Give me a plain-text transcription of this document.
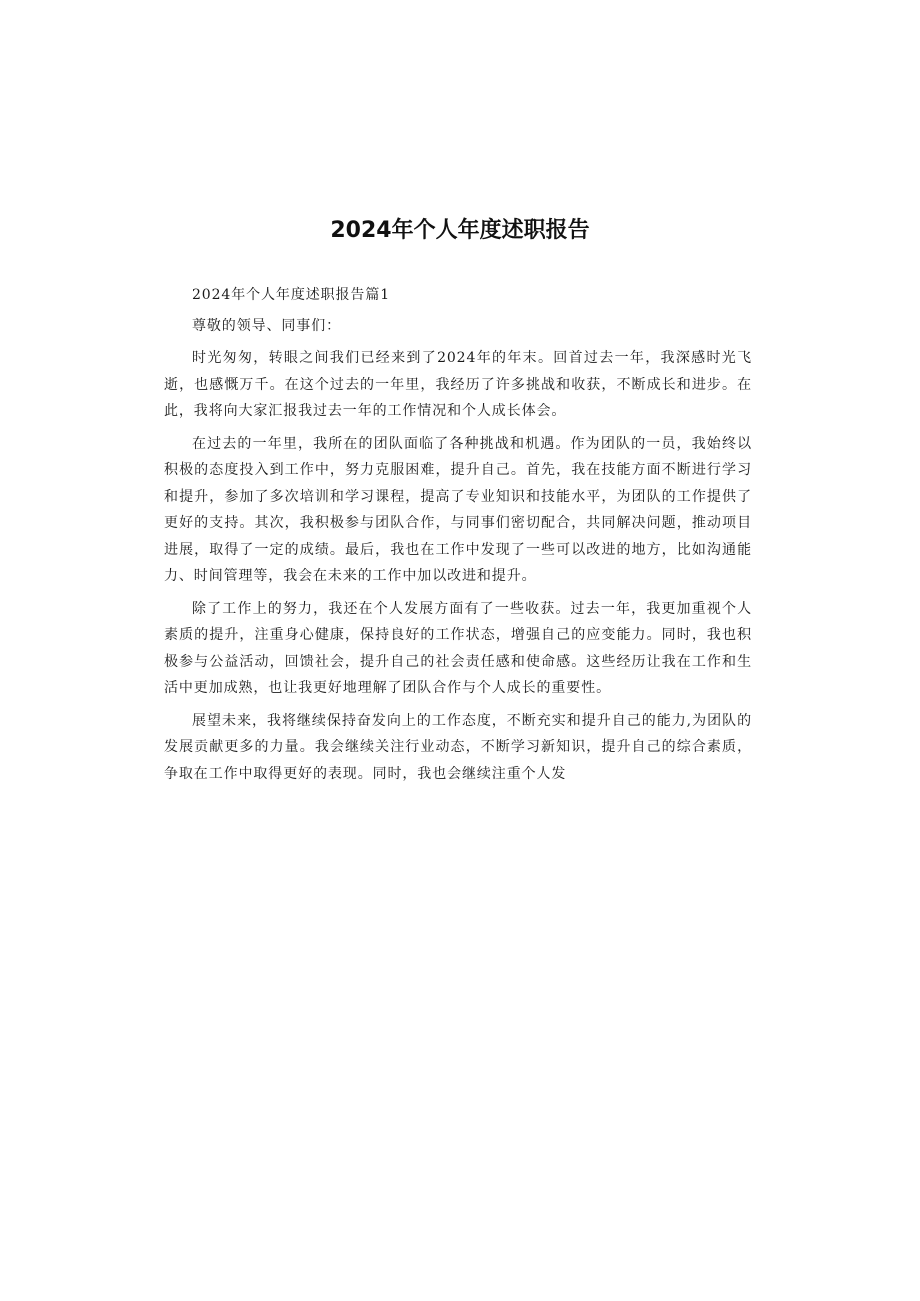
2024年个人年度述职报告

2024年个人年度述职报告篇1

尊敬的领导、同事们：

时光匆匆，转眼之间我们已经来到了2024年的年末。回首过去一年，我深感时光飞逝，也感慨万千。在这个过去的一年里，我经历了许多挑战和收获，不断成长和进步。在此，我将向大家汇报我过去一年的工作情况和个人成长体会。

在过去的一年里，我所在的团队面临了各种挑战和机遇。作为团队的一员，我始终以积极的态度投入到工作中，努力克服困难，提升自己。首先，我在技能方面不断进行学习和提升，参加了多次培训和学习课程，提高了专业知识和技能水平，为团队的工作提供了更好的支持。其次，我积极参与团队合作，与同事们密切配合，共同解决问题，推动项目进展，取得了一定的成绩。最后，我也在工作中发现了一些可以改进的地方，比如沟通能力、时间管理等，我会在未来的工作中加以改进和提升。

除了工作上的努力，我还在个人发展方面有了一些收获。过去一年，我更加重视个人素质的提升，注重身心健康，保持良好的工作状态，增强自己的应变能力。同时，我也积极参与公益活动，回馈社会，提升自己的社会责任感和使命感。这些经历让我在工作和生活中更加成熟，也让我更好地理解了团队合作与个人成长的重要性。

展望未来，我将继续保持奋发向上的工作态度，不断充实和提升自己的能力,为团队的发展贡献更多的力量。我会继续关注行业动态，不断学习新知识，提升自己的综合素质，争取在工作中取得更好的表现。同时，我也会继续注重个人发
